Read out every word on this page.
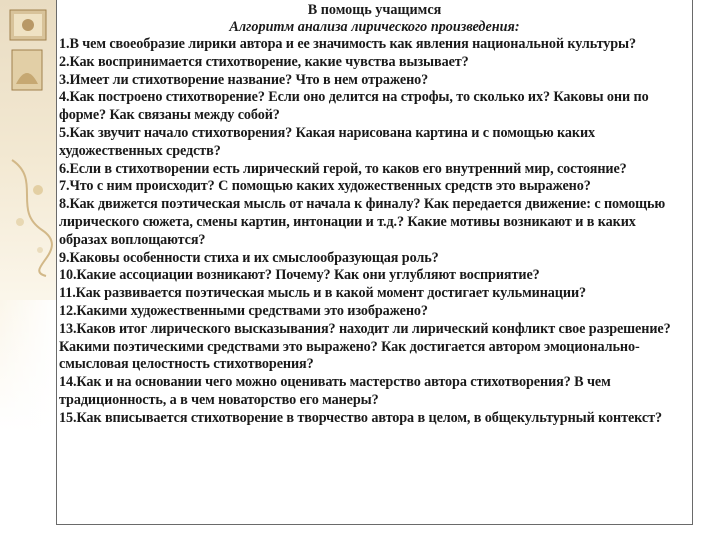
В помощь учащимся
Алгоритм анализа лирического произведения:
1.В чем своеобразие лирики автора и ее значимость как явления национальной культуры?
2.Как воспринимается стихотворение, какие чувства вызывает?
3.Имеет ли стихотворение название? Что в нем отражено?
4.Как построено стихотворение? Если оно делится на строфы, то сколько их? Каковы они по форме? Как связаны между собой?
5.Как звучит начало стихотворения? Какая нарисована картина и с помощью каких художественных средств?
6.Если в стихотворении есть лирический герой, то каков его внутренний мир, состояние?
7.Что с ним происходит? С помощью каких художественных средств это выражено?
8.Как движется поэтическая мысль от начала к финалу? Как передается движение: с помощью лирического сюжета, смены картин, интонации и т.д.? Какие мотивы возникают и в каких образах воплощаются?
9.Каковы особенности стиха и их смыслообразующая роль?
10.Какие ассоциации возникают? Почему? Как они углубляют восприятие?
11.Как развивается поэтическая мысль и в какой момент достигает кульминации?
12.Какими художественными средствами это изображено?
13.Каков итог лирического высказывания? находит ли лирический конфликт свое разрешение? Какими поэтическими средствами это выражено? Как достигается автором эмоционально-смысловая целостность стихотворения?
14.Как и на основании чего можно оценивать мастерство автора стихотворения? В чем традиционность, а в чем новаторство его манеры?
15.Как вписывается стихотворение в творчество автора в целом, в общекультурный контекст?
